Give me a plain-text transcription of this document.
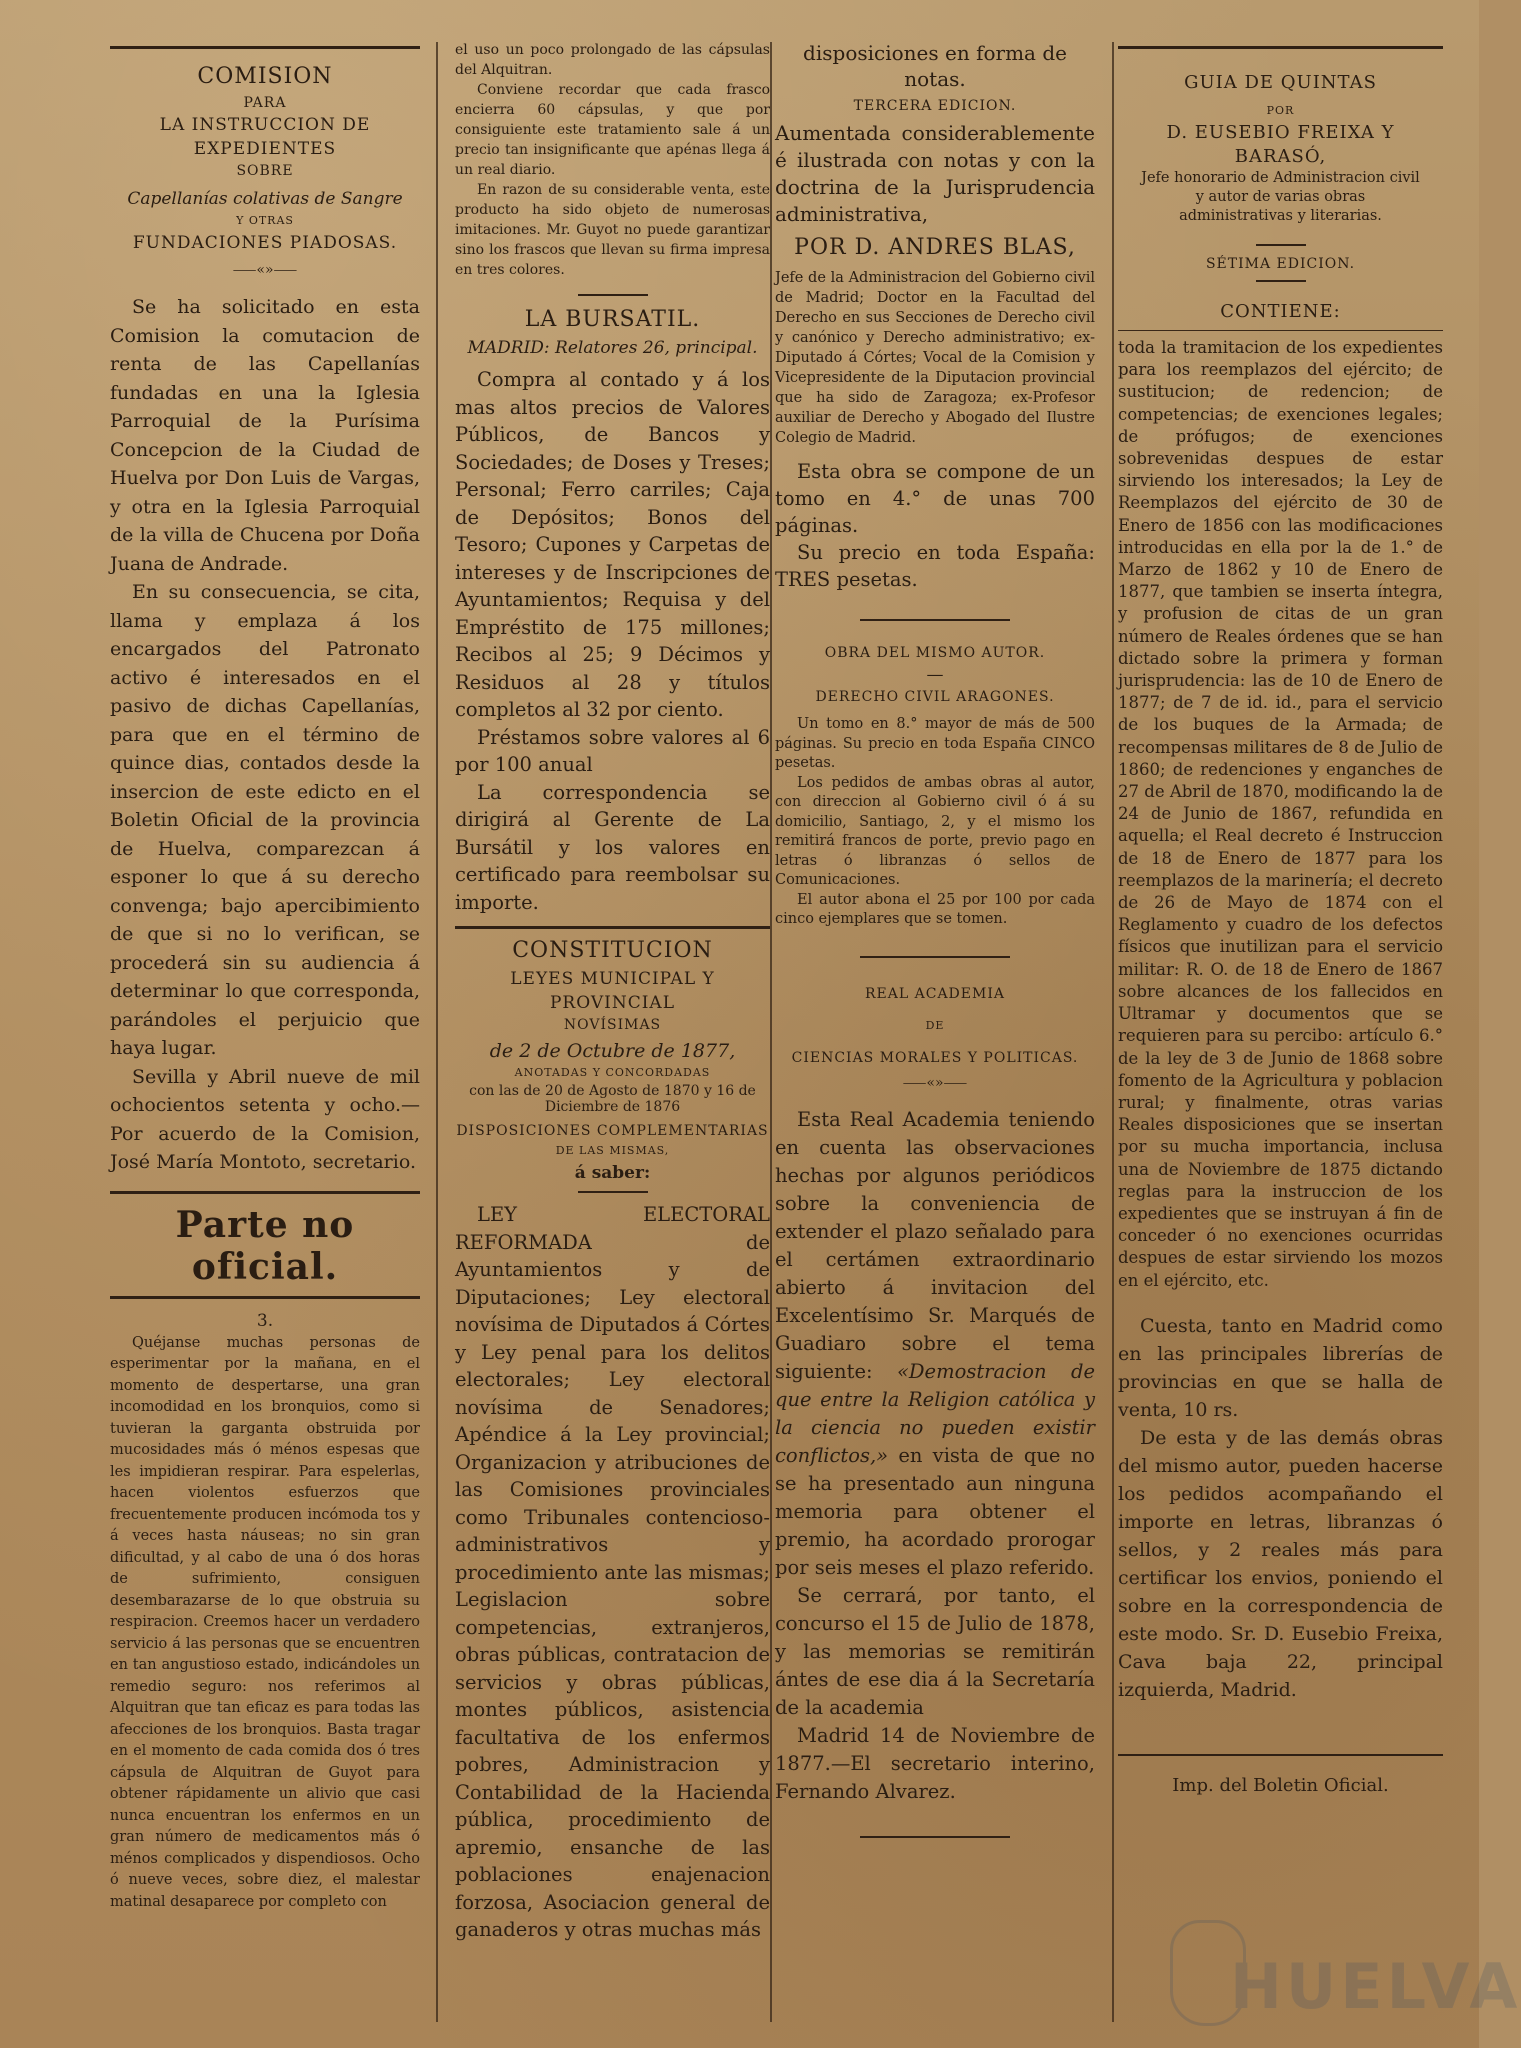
COMISION
PARA
LA INSTRUCCION DE EXPEDIENTES
SOBRE
Capellanías colativas de Sangre
Y OTRAS
FUNDACIONES PIADOSAS.
⸺«»⸺

Se ha solicitado en esta Comision la comutacion de renta de las Capellanías fundadas en una la Iglesia Parroquial de la Purísima Concepcion de la Ciudad de Huelva por Don Luis de Vargas, y otra en la Iglesia Parroquial de la villa de Chucena por Doña Juana de Andrade.

En su consecuencia, se cita, llama y emplaza á los encargados del Patronato activo é interesados en el pasivo de dichas Capellanías, para que en el término de quince dias, contados desde la insercion de este edicto en el Boletin Oficial de la provincia de Huelva, comparezcan á esponer lo que á su derecho convenga; bajo apercibimiento de que si no lo verifican, se procederá sin su audiencia á determinar lo que corresponda, parándoles el perjuicio que haya lugar.

Sevilla y Abril nueve de mil ochocientos setenta y ocho.—Por acuerdo de la Comision, José María Montoto, secretario.

Parte no oficial.
3.

Quéjanse muchas personas de esperimentar por la mañana, en el momento de despertarse, una gran incomodidad en los bronquios, como si tuvieran la garganta obstruida por mucosidades más ó ménos espesas que les impidieran respirar. Para espelerlas, hacen violentos esfuerzos que frecuentemente producen incómoda tos y á veces hasta náuseas; no sin gran dificultad, y al cabo de una ó dos horas de sufrimiento, consiguen desembarazarse de lo que obstruia su respiracion. Creemos hacer un verdadero servicio á las personas que se encuentren en tan angustioso estado, indicándoles un remedio seguro: nos referimos al Alquitran que tan eficaz es para todas las afecciones de los bronquios. Basta tragar en el momento de cada comida dos ó tres cápsula de Alquitran de Guyot para obtener rápidamente un alivio que casi nunca encuentran los enfermos en un gran número de medicamentos más ó ménos complicados y dispendiosos. Ocho ó nueve veces, sobre diez, el malestar matinal desaparece por completo con

el uso un poco prolongado de las cápsulas del Alquitran.

Conviene recordar que cada frasco encierra 60 cápsulas, y que por consiguiente este tratamiento sale á un precio tan insignificante que apénas llega á un real diario.

En razon de su considerable venta, este producto ha sido objeto de numerosas imitaciones. Mr. Guyot no puede garantizar sino los frascos que llevan su firma impresa en tres colores.

LA BURSATIL.
MADRID: Relatores 26, principal.

Compra al contado y á los mas altos precios de Valores Públicos, de Bancos y Sociedades; de Doses y Treses; Personal; Ferro carriles; Caja de Depósitos; Bonos del Tesoro; Cupones y Carpetas de intereses y de Inscripciones de Ayuntamientos; Requisa y del Empréstito de 175 millones; Recibos al 25; 9 Décimos y Residuos al 28 y títulos completos al 32 por ciento.

Préstamos sobre valores al 6 por 100 anual

La correspondencia se dirigirá al Gerente de La Bursátil y los valores en certificado para reembolsar su importe.

CONSTITUCION
LEYES MUNICIPAL Y PROVINCIAL
NOVÍSIMAS
de 2 de Octubre de 1877,
ANOTADAS Y CONCORDADAS
con las de 20 de Agosto de 1870 y 16 de Diciembre de 1876
DISPOSICIONES COMPLEMENTARIAS
DE LAS MISMAS,
á saber:

LEY ELECTORAL REFORMADA de Ayuntamientos y de Diputaciones; Ley electoral novísima de Diputados á Córtes y Ley penal para los delitos electorales; Ley electoral novísima de Senadores; Apéndice á la Ley provincial; Organizacion y atribuciones de las Comisiones provinciales como Tribunales contencioso-administrativos y procedimiento ante las mismas; Legislacion sobre competencias, extranjeros, obras públicas, contratacion de servicios y obras públicas, montes públicos, asistencia facultativa de los enfermos pobres, Administracion y Contabilidad de la Hacienda pública, procedimiento de apremio, ensanche de las poblaciones enajenacion forzosa, Asociacion general de ganaderos y otras muchas más

disposiciones en forma de notas.
TERCERA EDICION.

Aumentada considerablemente é ilustrada con notas y con la doctrina de la Jurisprudencia administrativa,

POR D. ANDRES BLAS,

Jefe de la Administracion del Gobierno civil de Madrid; Doctor en la Facultad del Derecho en sus Secciones de Derecho civil y canónico y Derecho administrativo; ex-Diputado á Córtes; Vocal de la Comision y Vicepresidente de la Diputacion provincial que ha sido de Zaragoza; ex-Profesor auxiliar de Derecho y Abogado del Ilustre Colegio de Madrid.

Esta obra se compone de un tomo en 4.° de unas 700 páginas.

Su precio en toda España: TRES pesetas.

OBRA DEL MISMO AUTOR.
—
DERECHO CIVIL ARAGONES.

Un tomo en 8.° mayor de más de 500 páginas. Su precio en toda España CINCO pesetas.

Los pedidos de ambas obras al autor, con direccion al Gobierno civil ó á su domicilio, Santiago, 2, y el mismo los remitirá francos de porte, previo pago en letras ó libranzas ó sellos de Comunicaciones.

El autor abona el 25 por 100 por cada cinco ejemplares que se tomen.

REAL ACADEMIA
DE
CIENCIAS MORALES Y POLITICAS.
⸺«»⸺

Esta Real Academia teniendo en cuenta las observaciones hechas por algunos periódicos sobre la conveniencia de extender el plazo señalado para el certámen extraordinario abierto á invitacion del Excelentísimo Sr. Marqués de Guadiaro sobre el tema siguiente: «Demostracion de que entre la Religion católica y la ciencia no pueden existir conflictos,» en vista de que no se ha presentado aun ninguna memoria para obtener el premio, ha acordado prorogar por seis meses el plazo referido.

Se cerrará, por tanto, el concurso el 15 de Julio de 1878, y las memorias se remitirán ántes de ese dia á la Secretaría de la academia

Madrid 14 de Noviembre de 1877.—El secretario interino, Fernando Alvarez.

GUIA DE QUINTAS
POR
D. EUSEBIO FREIXA Y BARASÓ,
Jefe honorario de Administracion civil y autor de varias obras administrativas y literarias.
SÉTIMA EDICION.
CONTIENE:

toda la tramitacion de los expedientes para los reemplazos del ejército; de sustitucion; de redencion; de competencias; de exenciones legales; de prófugos; de exenciones sobrevenidas despues de estar sirviendo los interesados; la Ley de Reemplazos del ejército de 30 de Enero de 1856 con las modificaciones introducidas en ella por la de 1.° de Marzo de 1862 y 10 de Enero de 1877, que tambien se inserta íntegra, y profusion de citas de un gran número de Reales órdenes que se han dictado sobre la primera y forman jurisprudencia: las de 10 de Enero de 1877; de 7 de id. id., para el servicio de los buques de la Armada; de recompensas militares de 8 de Julio de 1860; de redenciones y enganches de 27 de Abril de 1870, modificando la de 24 de Junio de 1867, refundida en aquella; el Real decreto é Instruccion de 18 de Enero de 1877 para los reemplazos de la marinería; el decreto de 26 de Mayo de 1874 con el Reglamento y cuadro de los defectos físicos que inutilizan para el servicio militar: R. O. de 18 de Enero de 1867 sobre alcances de los fallecidos en Ultramar y documentos que se requieren para su percibo: artículo 6.° de la ley de 3 de Junio de 1868 sobre fomento de la Agricultura y poblacion rural; y finalmente, otras varias Reales disposiciones que se insertan por su mucha importancia, inclusa una de Noviembre de 1875 dictando reglas para la instruccion de los expedientes que se instruyan á fin de conceder ó no exenciones ocurridas despues de estar sirviendo los mozos en el ejército, etc.

Cuesta, tanto en Madrid como en las principales librerías de provincias en que se halla de venta, 10 rs.

De esta y de las demás obras del mismo autor, pueden hacerse los pedidos acompañando el importe en letras, libranzas ó sellos, y 2 reales más para certificar los envios, poniendo el sobre en la correspondencia de este modo. Sr. D. Eusebio Freixa, Cava baja 22, principal izquierda, Madrid.

Imp. del Boletin Oficial.
HUELVA
